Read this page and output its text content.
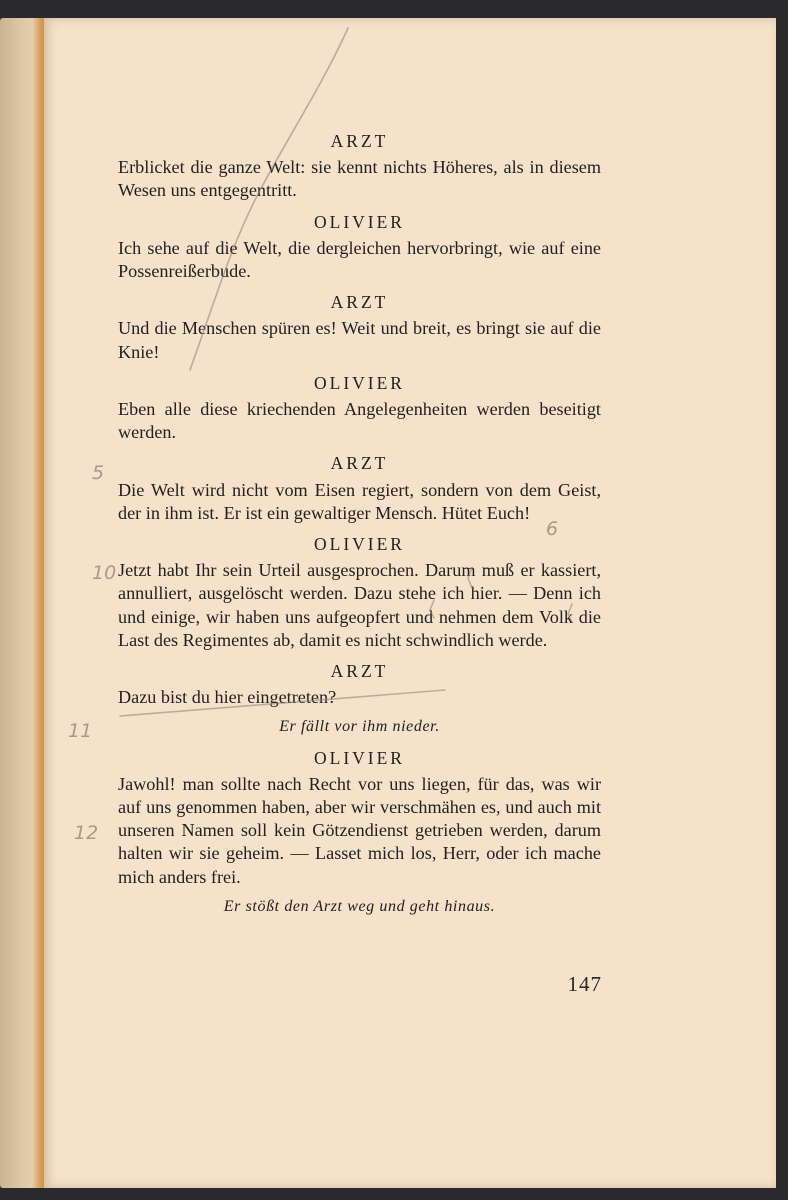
ARZT

Erblicket die ganze Welt: sie kennt nichts Höheres, als in diesem Wesen uns entgegentritt.

OLIVIER

Ich sehe auf die Welt, die dergleichen hervorbringt, wie auf eine Possenreißerbude.

ARZT

Und die Menschen spüren es! Weit und breit, es bringt sie auf die Knie!

OLIVIER

Eben alle diese kriechenden Angelegenheiten werden beseitigt werden.

ARZT

Die Welt wird nicht vom Eisen regiert, sondern von dem Geist, der in ihm ist. Er ist ein gewaltiger Mensch. Hütet Euch!

OLIVIER

Jetzt habt Ihr sein Urteil ausgesprochen. Darum muß er kassiert, annulliert, ausgelöscht werden. Dazu stehe ich hier. — Denn ich und einige, wir haben uns aufgeopfert und nehmen dem Volk die Last des Regimentes ab, damit es nicht schwindlich werde.

ARZT

Dazu bist du hier eingetreten?

Er fällt vor ihm nieder.
OLIVIER

Jawohl! man sollte nach Recht vor uns liegen, für das, was wir auf uns genommen haben, aber wir verschmähen es, und auch mit unseren Namen soll kein Götzendienst getrieben werden, darum halten wir sie geheim. — Lasset mich los, Herr, oder ich mache mich anders frei.

Er stößt den Arzt weg und geht hinaus.
147
5
6
10
11
12
